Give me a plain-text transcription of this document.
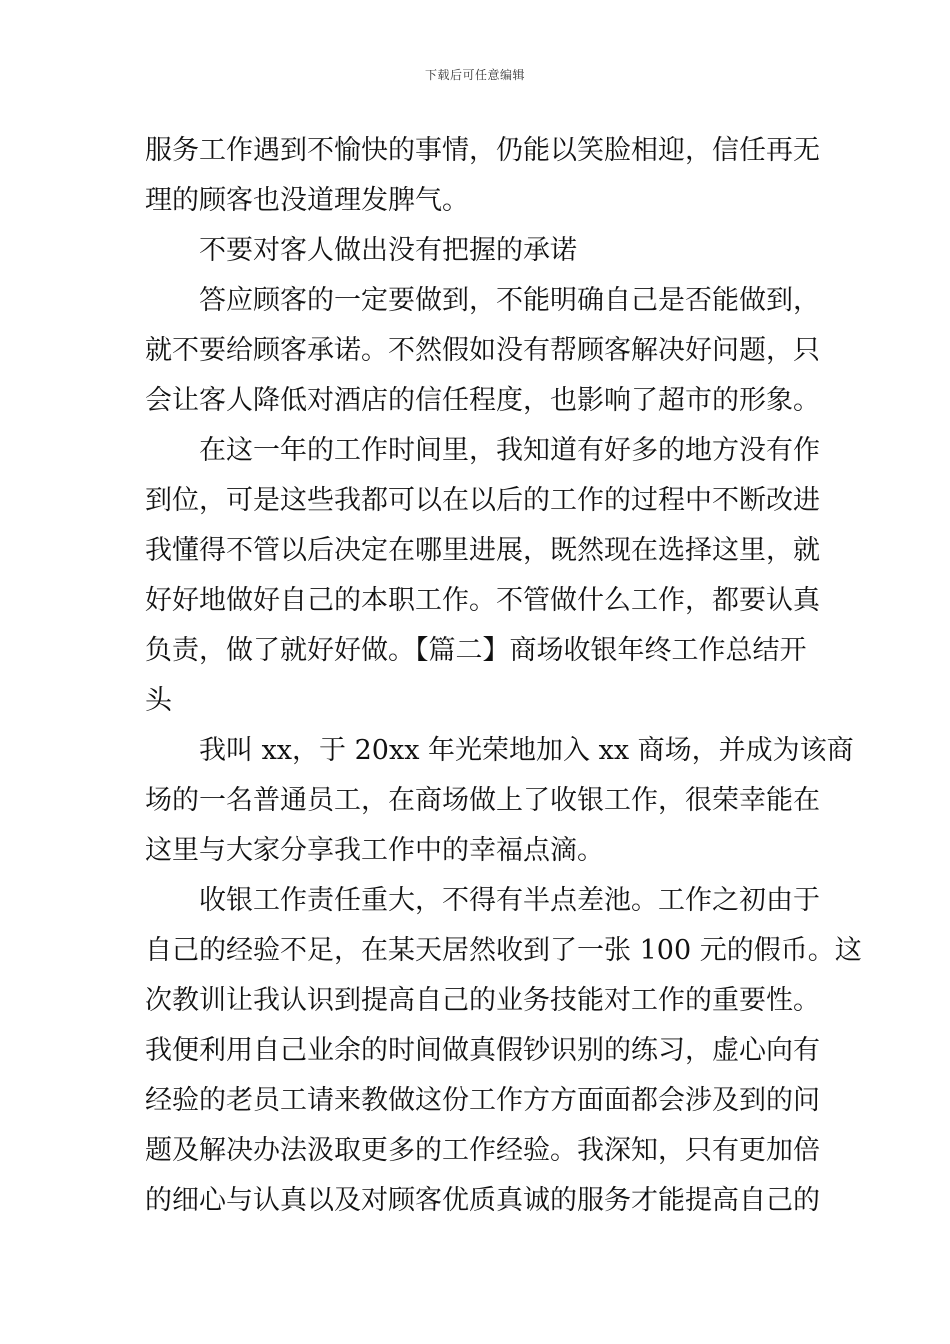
下载后可任意编辑
服务工作遇到不愉快的事情，仍能以笑脸相迎，信任再无
理的顾客也没道理发脾气。
不要对客人做出没有把握的承诺
答应顾客的一定要做到，不能明确自己是否能做到，
就不要给顾客承诺。不然假如没有帮顾客解决好问题，只
会让客人降低对酒店的信任程度，也影响了超市的形象。
在这一年的工作时间里，我知道有好多的地方没有作
到位，可是这些我都可以在以后的工作的过程中不断改进
我懂得不管以后决定在哪里进展，既然现在选择这里，就
好好地做好自己的本职工作。不管做什么工作，都要认真
负责，做了就好好做。【篇二】商场收银年终工作总结开
头
我叫 xx，于 20xx 年光荣地加入 xx 商场，并成为该商
场的一名普通员工，在商场做上了收银工作，很荣幸能在
这里与大家分享我工作中的幸福点滴。
收银工作责任重大，不得有半点差池。工作之初由于
自己的经验不足，在某天居然收到了一张 100 元的假币。这
次教训让我认识到提高自己的业务技能对工作的重要性。
我便利用自己业余的时间做真假钞识别的练习，虚心向有
经验的老员工请来教做这份工作方方面面都会涉及到的问
题及解决办法汲取更多的工作经验。我深知，只有更加倍
的细心与认真以及对顾客优质真诚的服务才能提高自己的
